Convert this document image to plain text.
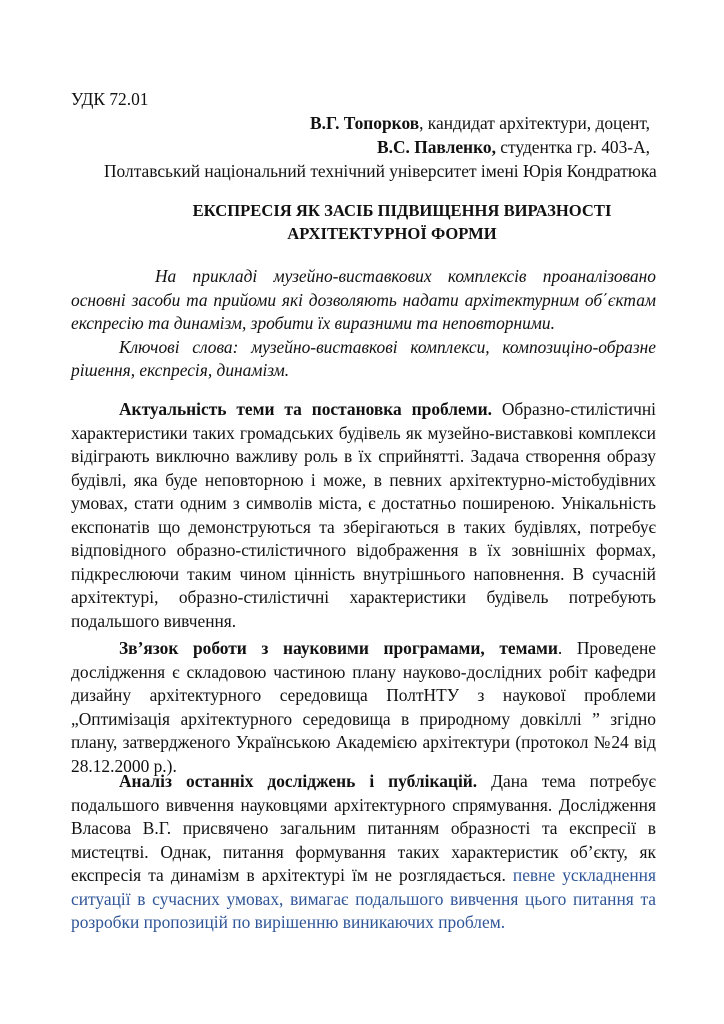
УДК 72.01
В.Г. Топорков, кандидат архітектури, доцент,
В.С. Павленко, студентка гр. 403-А,
Полтавський національний технічний університет імені Юрія Кондратюка
ЕКСПРЕСІЯ ЯК ЗАСІБ ПІДВИЩЕННЯ ВИРАЗНОСТІ
АРХІТЕКТУРНОЇ ФОРМИ

На прикладі музейно-виставкових комплексів проаналізовано основні засоби та прийоми які дозволяють надати архітектурним об΄єктам експресію та динамізм, зробити їх виразними та неповторними.

Ключові слова: музейно-виставкові комплекси, композицiно-образне рішення, експресія, динамізм.

Актуальність теми та постановка проблеми. Образно-стилістичні характеристики таких громадських будівель як музейно-виставкові комплекси відіграють виключно важливу роль в їх сприйнятті. Задача створення образу будівлі, яка буде неповторною і може, в певних архітектурно-містобудівних умовах, стати одним з символів міста, є достатньо поширеною. Унікальність експонатів що демонструються та зберігаються в таких будівлях, потребує відповідного образно-стилістичного відображення в їх зовнішніх формах, підкреслюючи таким чином цінність внутрішнього наповнення. В сучасній архітектурі, образно-стилістичні характеристики будівель потребують подальшого вивчення.

Зв’язок роботи з науковими програмами, темами. Проведене дослідження є складовою частиною плану науково-дослідних робіт кафедри дизайну архітектурного середовища ПолтНТУ з наукової проблеми „Оптимізація архітектурного середовища в природному довкіллі ” згідно плану, затвердженого Українською Академією архітектури (протокол №24 від 28.12.2000 р.).

Аналіз останніх досліджень і публікацій. Дана тема потребує подальшого вивчення науковцями архітектурного спрямування. Дослідження Власова В.Г. присвячено загальним питанням образності та експресії в мистецтві. Однак, питання формування таких характеристик об’єкту, як експресія та динамізм в архітектурі їм не розглядається. певне ускладнення ситуації в сучасних умовах, вимагає подальшого вивчення цього питання та розробки пропозицій по вирішенню виникаючих проблем.
